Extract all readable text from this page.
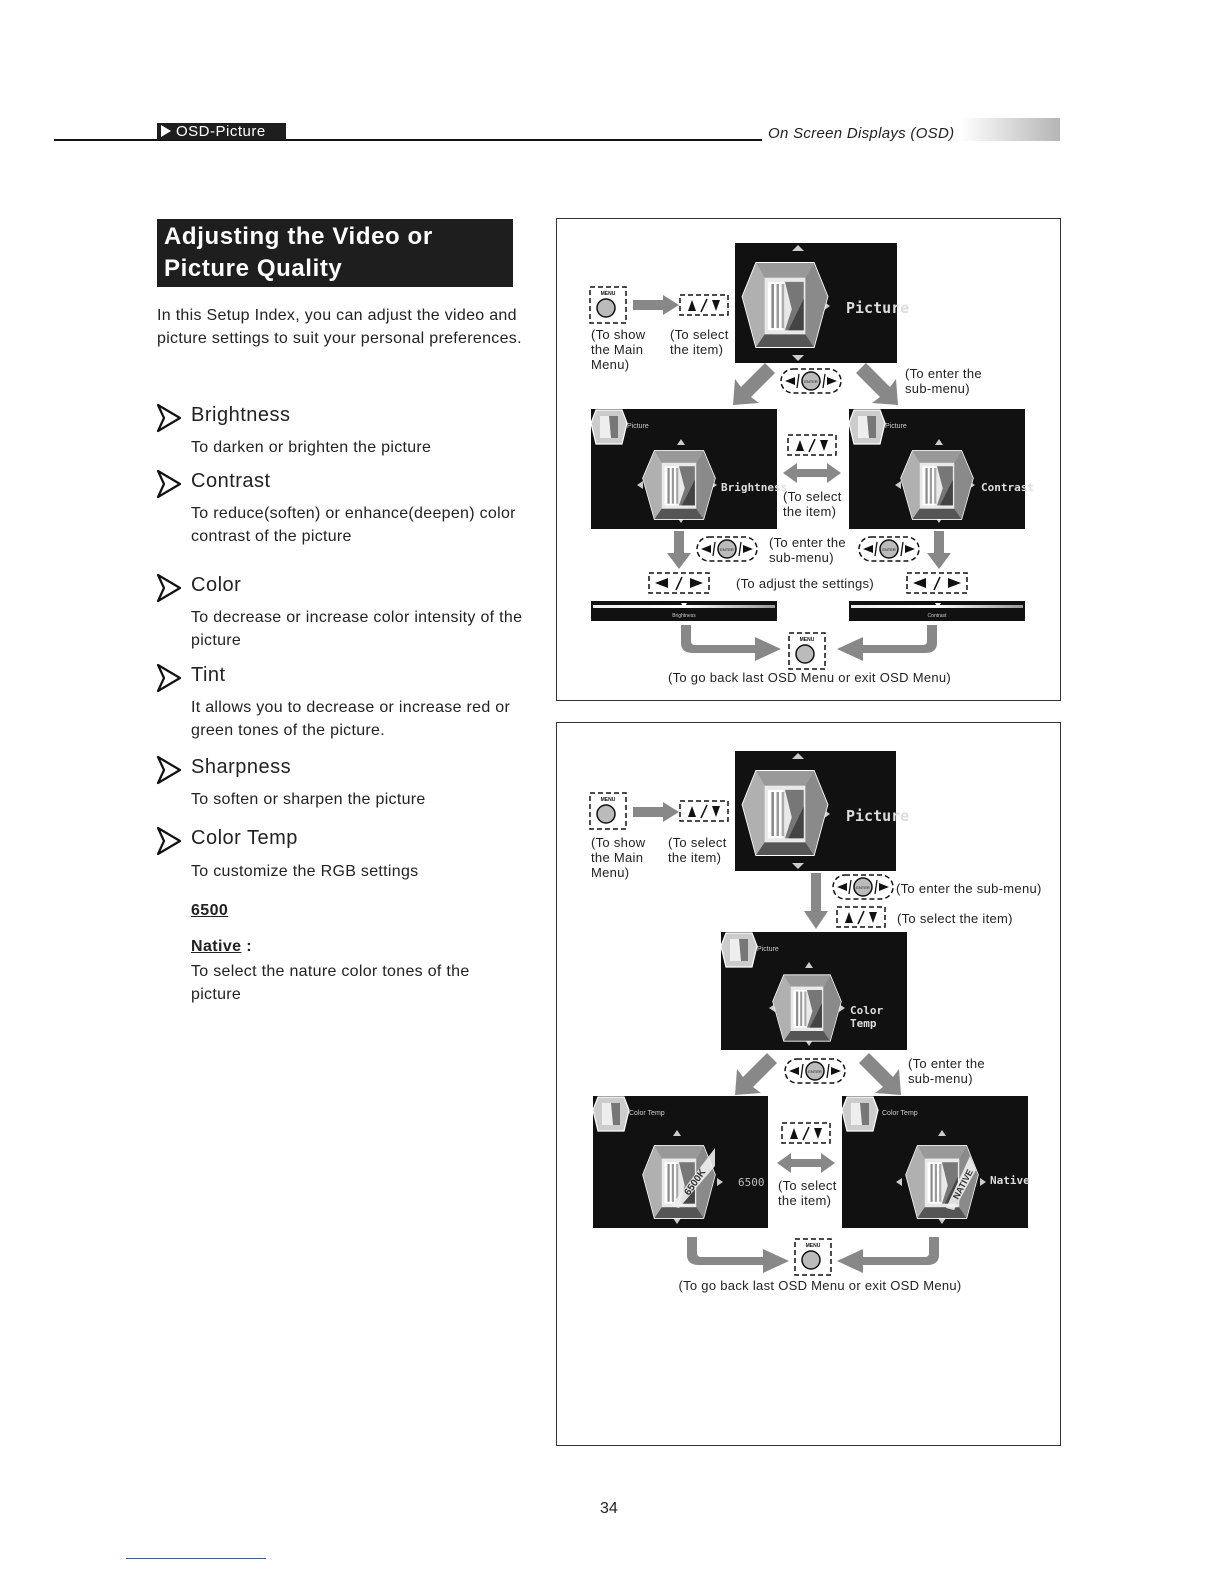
OSD-Picture	On Screen Displays (OSD)
Adjusting the Video or
Picture Quality
In this Setup Index, you can adjust the video and picture settings to suit your personal preferences.
Brightness
To darken or brighten the picture
Contrast
To reduce(soften) or enhance(deepen) color contrast of the picture
Color
To decrease or increase color intensity of the picture
Tint
It allows you to decrease or increase red or green tones of the picture.
Sharpness
To soften or sharpen the picture
Color Temp
To customize the RGB settings
6500
Native :
To select the nature color tones of the picture
Picture
(To show
the Main
Menu)
(To select
the item)
(To enter the
sub-menu)
Picture
Brightness
Picture
Contrast
(To select
the item)
(To enter the
sub-menu)
(To adjust the settings)
Brightness	Contrast
(To go back last OSD Menu or exit OSD Menu)
Picture
(To show
the Main
Menu)
(To select
the item)
(To enter the sub-menu)
(To select the item)
Picture
Color Temp
(To enter the
sub-menu)
6500K
Color Temp
6500	NATIVE
Color Temp
Native
(To select
the item)
(To go back last OSD Menu or exit OSD Menu)
34
